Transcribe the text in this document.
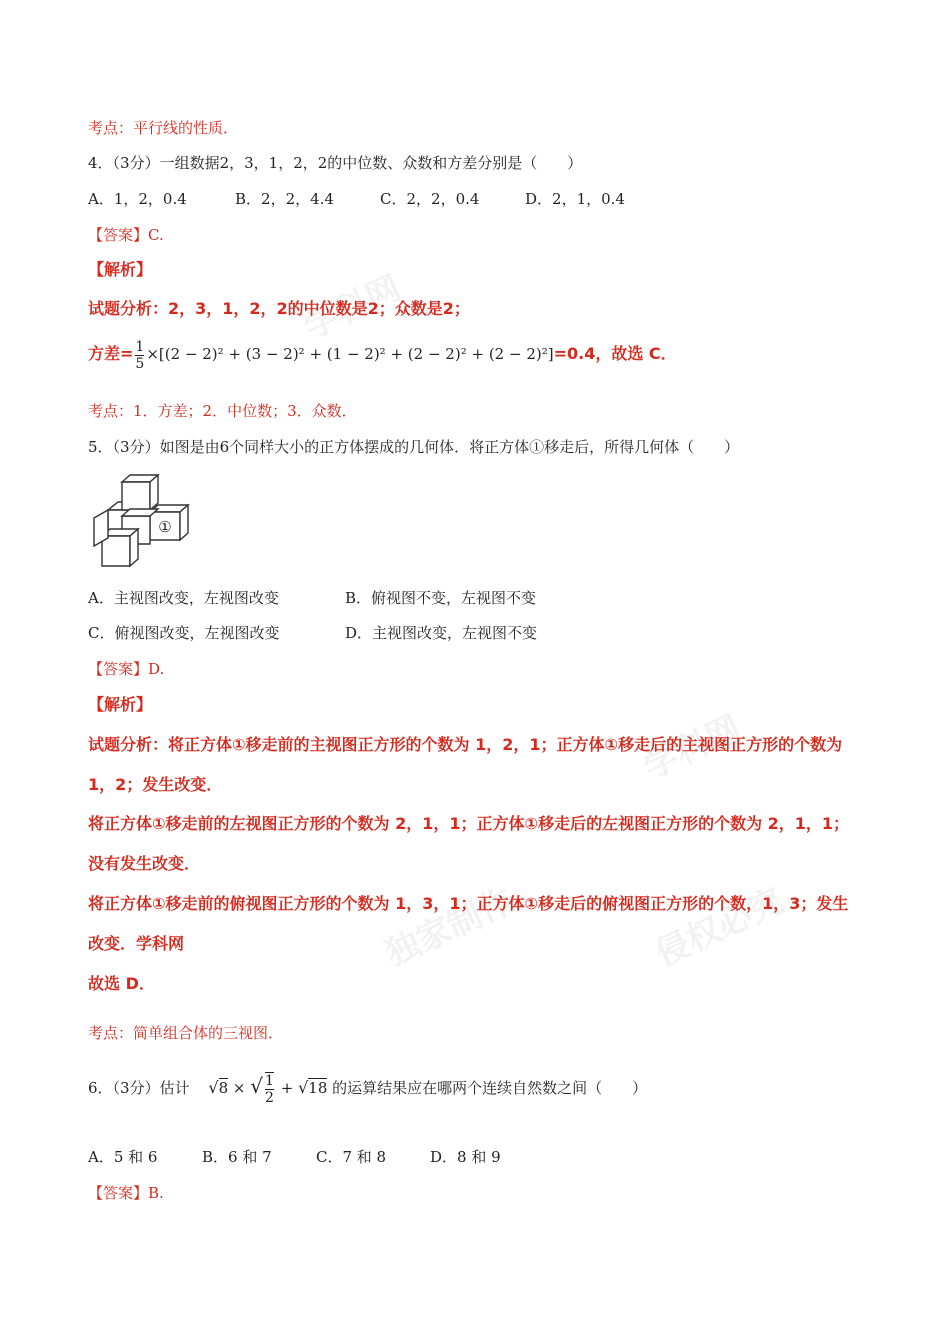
学科网
学科网
独家制作	侵权必究
考点：平行线的性质．
4．（3分）一组数据2，3，1，2，2的中位数、众数和方差分别是（　　）
A．1，2，0.4	B．2，2，4.4	C．2，2，0.4	D．2，1，0.4
【答案】C.
【解析】
试题分析：2，3，1，2，2的中位数是2；众数是2；
方差= $\frac{1}{5} \times[(2 - 2)^2 + (3 - 2)^2 + (1 - 2)^2 + (2 - 2)^2 + (2 - 2)^2]=0.4$，故选 C．
考点：1．方差；2．中位数；3．众数．
5．（3分）如图是由6个同样大小的正方体摆成的几何体．将正方体①移走后，所得几何体（　　）
①
A．主视图改变，左视图改变	B．俯视图不变，左视图不变
C．俯视图改变，左视图改变	D．主视图改变，左视图不变
【答案】D.
【解析】
试题分析：将正方体①移走前的主视图正方形的个数为 1，2，1；正方体①移走后的主视图正方形的个数为
1，2；发生改变．
将正方体①移走前的左视图正方形的个数为 2，1，1；正方体①移走后的左视图正方形的个数为 2，1，1；
没有发生改变．
将正方体①移走前的俯视图正方形的个数为 1，3，1；正方体①移走后的俯视图正方形的个数，1，3；发生
改变．学科网
故选 D．
考点：简单组合体的三视图．
6．（3分）估计 √8 × √ $\frac{1}{2} + √18$ 的运算结果应在哪两个连续自然数之间（　　）
A．5 和 6	B．6 和 7	C．7 和 8	D．8 和 9
【答案】B.
